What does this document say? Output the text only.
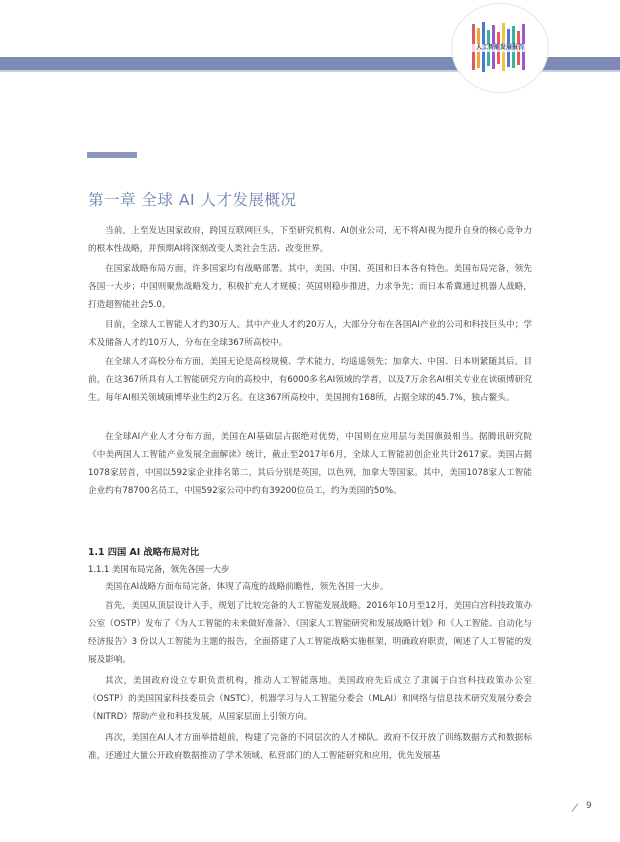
人工智能发展报告
第一章 全球 AI 人才发展概况

当前，上至发达国家政府，跨国互联网巨头，下至研究机构、AI创业公司，无不将AI视为提升自身的核心竞争力的根本性战略，并预期AI将深刻改变人类社会生活、改变世界。

在国家战略布局方面，许多国家均有战略部署。其中，美国、中国、英国和日本各有特色。美国布局完备，领先各国一大步；中国则聚焦战略发力，积极扩充人才规模；英国则稳步推进，力求争先；而日本希冀通过机器人战略，打造超智能社会5.0。

目前，全球人工智能人才约30万人。其中产业人才约20万人，大部分分布在各国AI产业的公司和科技巨头中；学术及储备人才约10万人，分布在全球367所高校中。

在全球人才高校分布方面，美国无论是高校规模、学术能力，均遥遥领先；加拿大、中国、日本则紧随其后。目前，在这367所具有人工智能研究方向的高校中，有6000多名AI领域的学者，以及7万余名AI相关专业在读硕博研究生。每年AI相关领域硕博毕业生约2万名。在这367所高校中，美国拥有168所，占据全球的45.7%，独占鳌头。

在全球AI产业人才分布方面，美国在AI基础层占据绝对优势，中国则在应用层与美国旗鼓相当。据腾讯研究院《中美两国人工智能产业发展全面解读》统计，截止至2017年6月，全球人工智能初创企业共计2617家。美国占据1078家居首，中国以592家企业排名第二，其后分别是英国，以色列，加拿大等国家。其中，美国1078家人工智能企业约有78700名员工，中国592家公司中约有39200位员工，约为美国的50%。

1.1 四国 AI 战略布局对比
1.1.1 美国布局完备，领先各国一大步

美国在AI战略方面布局完备，体现了高度的战略前瞻性，领先各国一大步。

首先，美国从顶层设计入手，规划了比较完备的人工智能发展战略。2016年10月至12月，美国白宫科技政策办公室（OSTP）发布了《为人工智能的未来做好准备》、《国家人工智能研究和发展战略计划》和《人工智能、自动化与经济报告》3 份以人工智能为主题的报告，全面搭建了人工智能战略实施框架，明确政府职责，阐述了人工智能的发展及影响。

其次，美国政府设立专职负责机构，推动人工智能落地。美国政府先后成立了隶属于白宫科技政策办公室（OSTP）的美国国家科技委员会（NSTC），机器学习与人工智能分委会（MLAI）和网络与信息技术研究发展分委会（NITRD）帮助产业和科技发展，从国家层面上引领方向。

再次，美国在AI人才方面举措超前，构建了完备的不同层次的人才梯队。政府不仅开放了训练数据方式和数据标准，还通过大量公开政府数据推动了学术领域、私营部门的人工智能研究和应用，优先发展基

9
